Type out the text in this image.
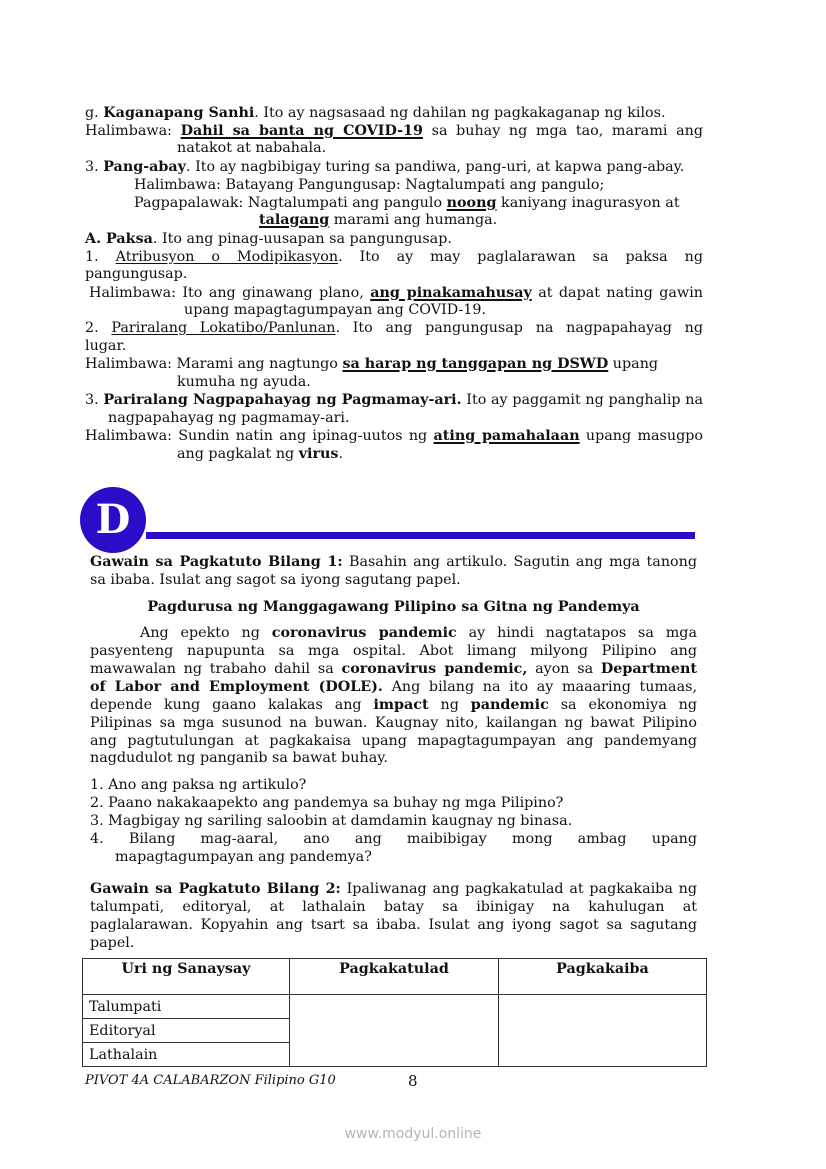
g. Kaganapang Sanhi. Ito ay nagsasaad ng dahilan ng pagkakaganap ng kilos.
Halimbawa: Dahil sa banta ng COVID-19 sa buhay ng mga tao, marami ang
natakot at nabahala.
3. Pang-abay. Ito ay nagbibigay turing sa pandiwa, pang-uri, at kapwa pang-abay.
Halimbawa: Batayang Pangungusap: Nagtalumpati ang pangulo;
Pagpapalawak: Nagtalumpati ang pangulo noong kaniyang inagurasyon at
talagang marami ang humanga.
A. Paksa. Ito ang pinag-uusapan sa pangungusap.
1. Atribusyon o Modipikasyon. Ito ay may paglalarawan sa paksa ng
pangungusap.
Halimbawa: Ito ang ginawang plano, ang pinakamahusay at dapat nating gawin
upang mapagtagumpayan ang COVID-19.
2. Pariralang Lokatibo/Panlunan. Ito ang pangungusap na nagpapahayag ng
lugar.
Halimbawa: Marami ang nagtungo sa harap ng tanggapan ng DSWD upang
kumuha ng ayuda.
3. Pariralang Nagpapahayag ng Pagmamay-ari. Ito ay paggamit ng panghalip na
nagpapahayag ng pagmamay-ari.
Halimbawa: Sundin natin ang ipinag-uutos ng ating pamahalaan upang masugpo
ang pagkalat ng virus.
Gawain sa Pagkatuto Bilang 1: Basahin ang artikulo. Sagutin ang mga tanong
sa ibaba. Isulat ang sagot sa iyong sagutang papel.
Pagdurusa ng Manggagawang Pilipino sa Gitna ng Pandemya
Ang epekto ng coronavirus pandemic ay hindi nagtatapos sa mga
pasyenteng napupunta sa mga ospital. Abot limang milyong Pilipino ang
mawawalan ng trabaho dahil sa coronavirus pandemic, ayon sa Department
of Labor and Employment (DOLE). Ang bilang na ito ay maaaring tumaas,
depende kung gaano kalakas ang impact ng pandemic sa ekonomiya ng
Pilipinas sa mga susunod na buwan. Kaugnay nito, kailangan ng bawat Pilipino
ang pagtutulungan at pagkakaisa upang mapagtagumpayan ang pandemyang
nagdudulot ng panganib sa bawat buhay.
1. Ano ang paksa ng artikulo?
2. Paano nakakaapekto ang pandemya sa buhay ng mga Pilipino?
3. Magbigay ng sariling saloobin at damdamin kaugnay ng binasa.
4. Bilang mag-aaral, ano ang maibibigay mong ambag upang
mapagtagumpayan ang pandemya?
Gawain sa Pagkatuto Bilang 2: Ipaliwanag ang pagkakatulad at pagkakaiba ng
talumpati, editoryal, at lathalain batay sa ibinigay na kahulugan at
paglalarawan. Kopyahin ang tsart sa ibaba. Isulat ang iyong sagot sa sagutang
papel.
D
Uri ng Sanaysay	Pagkakatulad	Pagkakaiba
Talumpati		
Editoryal		
Lathalain		
PIVOT 4A CALABARZON Filipino G10	8
www.modyul.online
